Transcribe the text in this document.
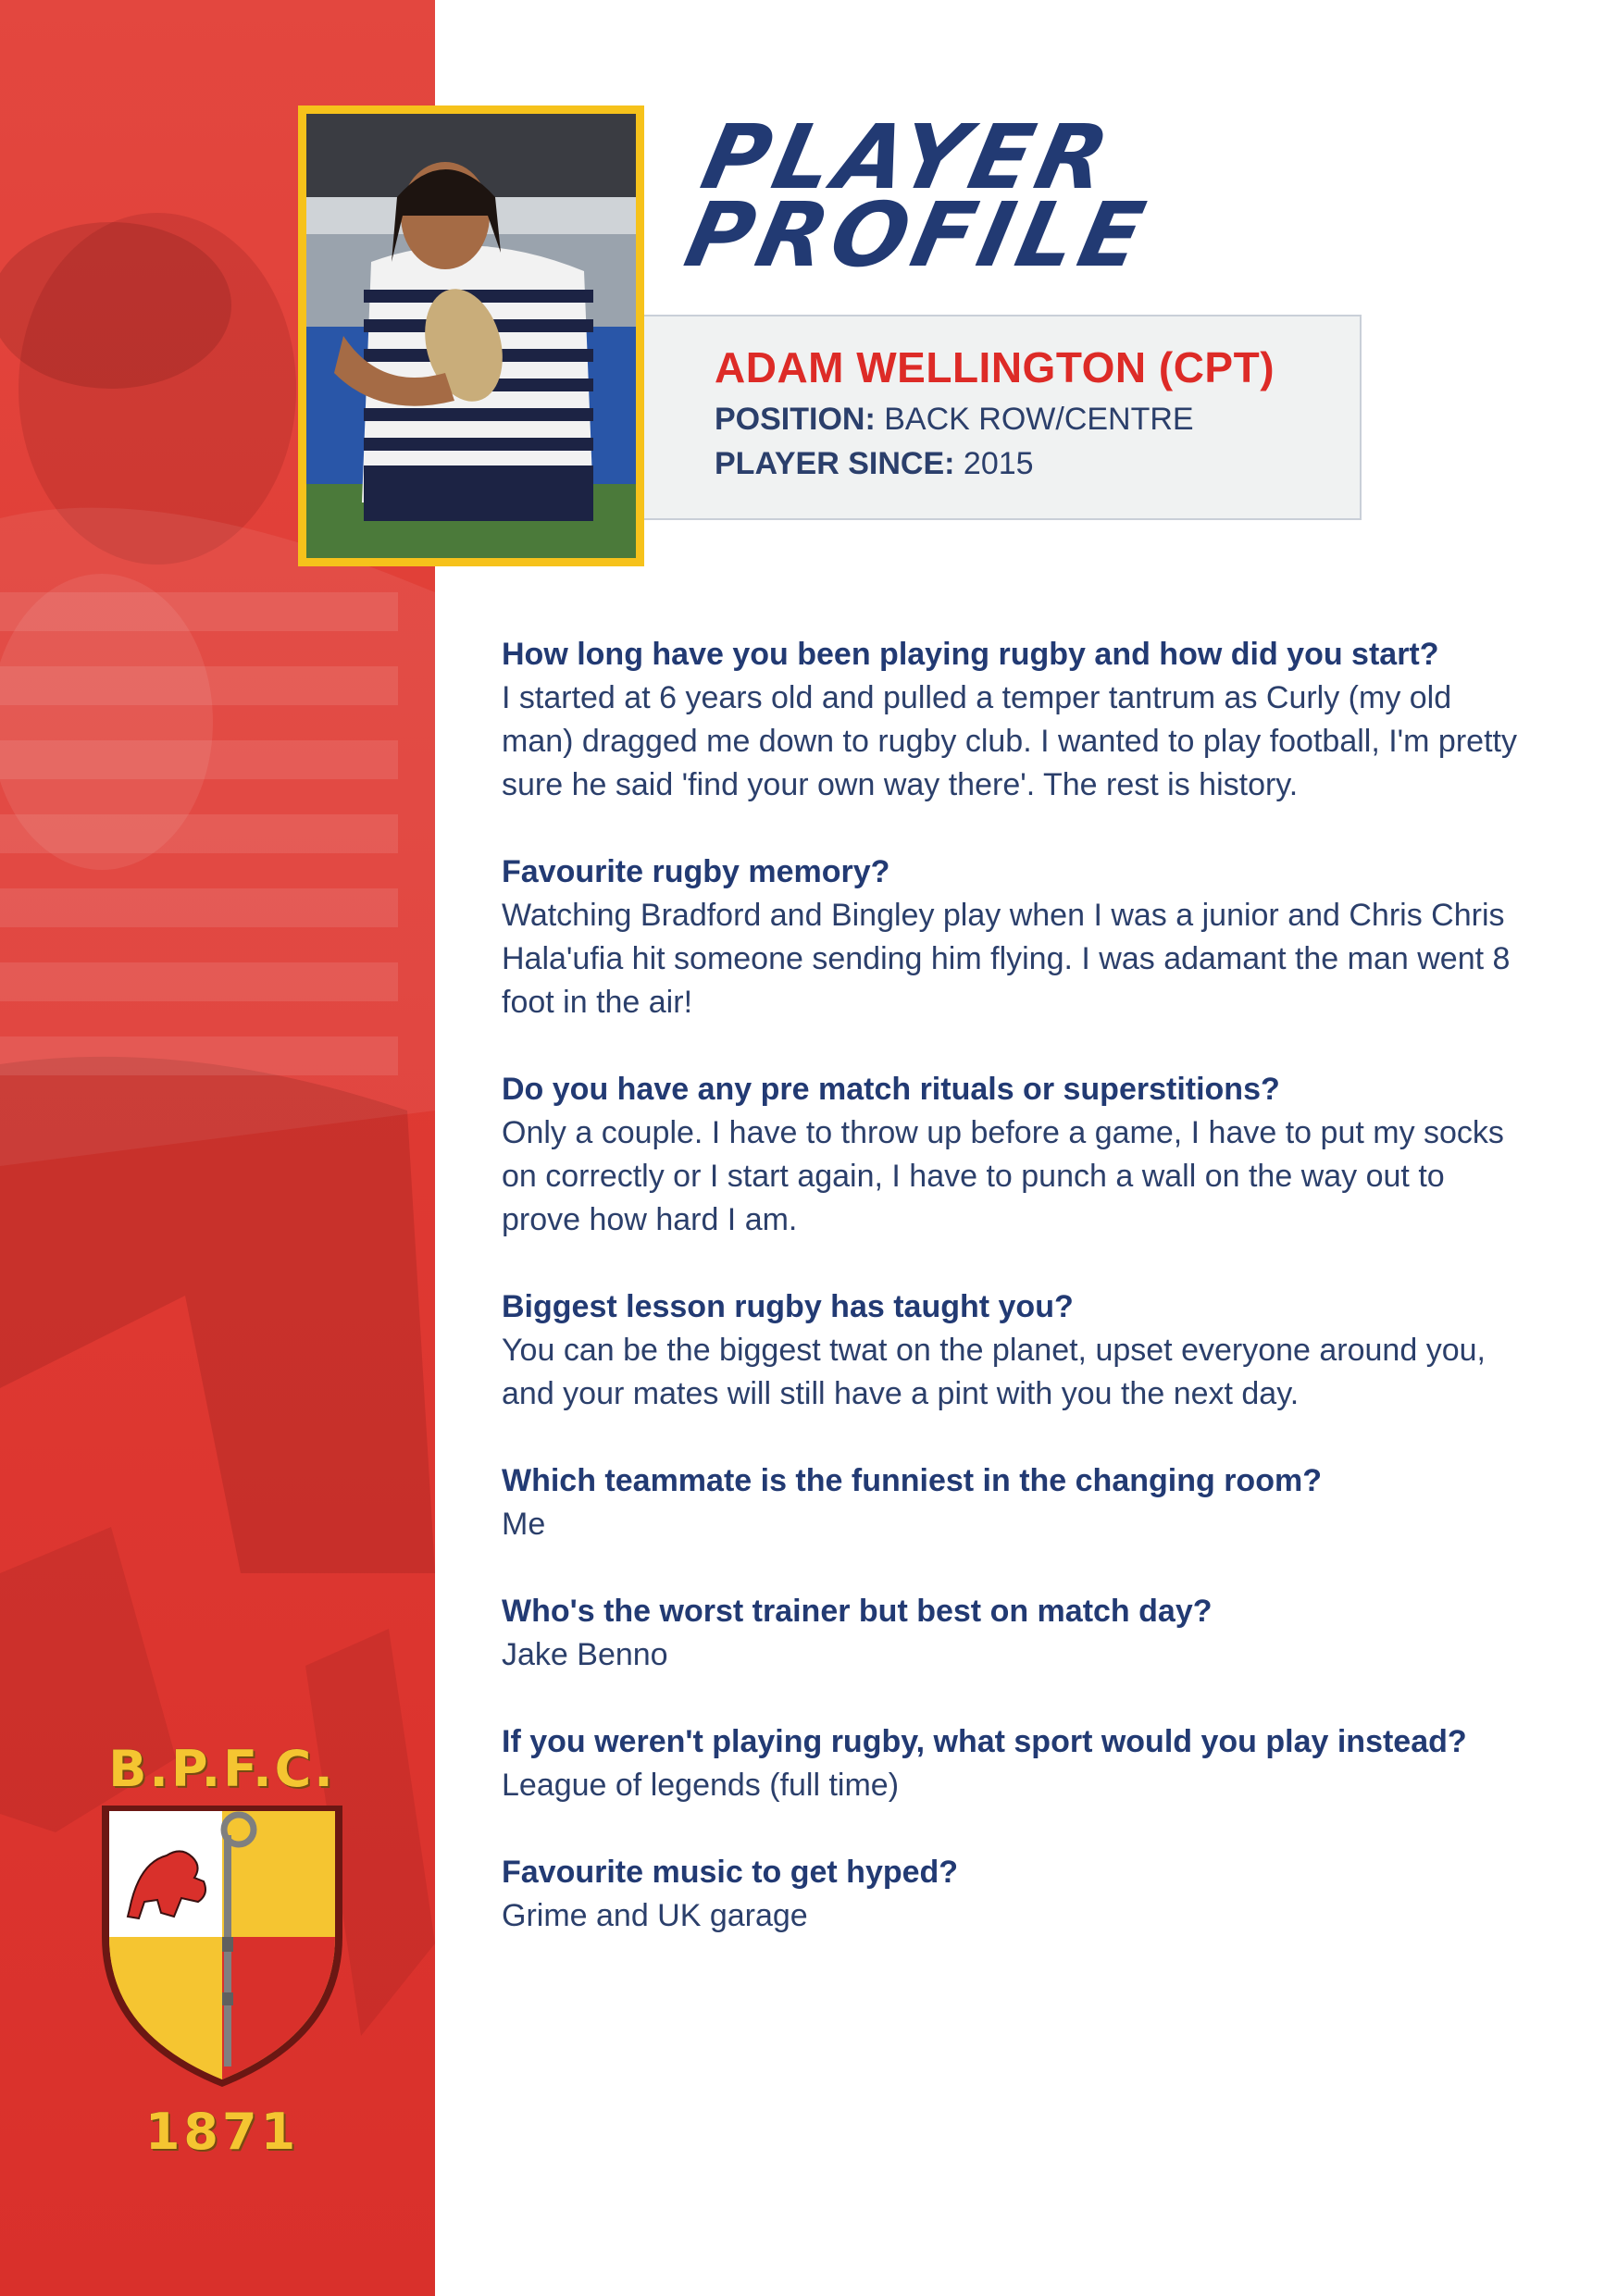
B.P.F.C.
1871
PLAYER
PROFILE
ADAM WELLINGTON (CPT)
POSITION: BACK ROW/CENTRE
PLAYER SINCE: 2015
How long have you been playing rugby and how did you start?
I started at 6 years old and pulled a temper tantrum as Curly (my old man) dragged me down to rugby club. I wanted to play football, I'm pretty sure he said 'find your own way there'. The rest is history.
Favourite rugby memory?
Watching Bradford and Bingley play when I was a junior and Chris Chris Hala'ufia hit someone sending him flying. I was adamant the man went 8 foot in the air!
Do you have any pre match rituals or superstitions?
Only a couple. I have to throw up before a game, I have to put my socks on correctly or I start again, I have to punch a wall on the way out to prove how hard I am.
Biggest lesson rugby has taught you?
You can be the biggest twat on the planet, upset everyone around you, and your mates will still have a pint with you the next day.
Which teammate is the funniest in the changing room?
Me
Who's the worst trainer but best on match day?
Jake Benno
If you weren't playing rugby, what sport would you play instead?
League of legends (full time)
Favourite music to get hyped?
Grime and UK garage
